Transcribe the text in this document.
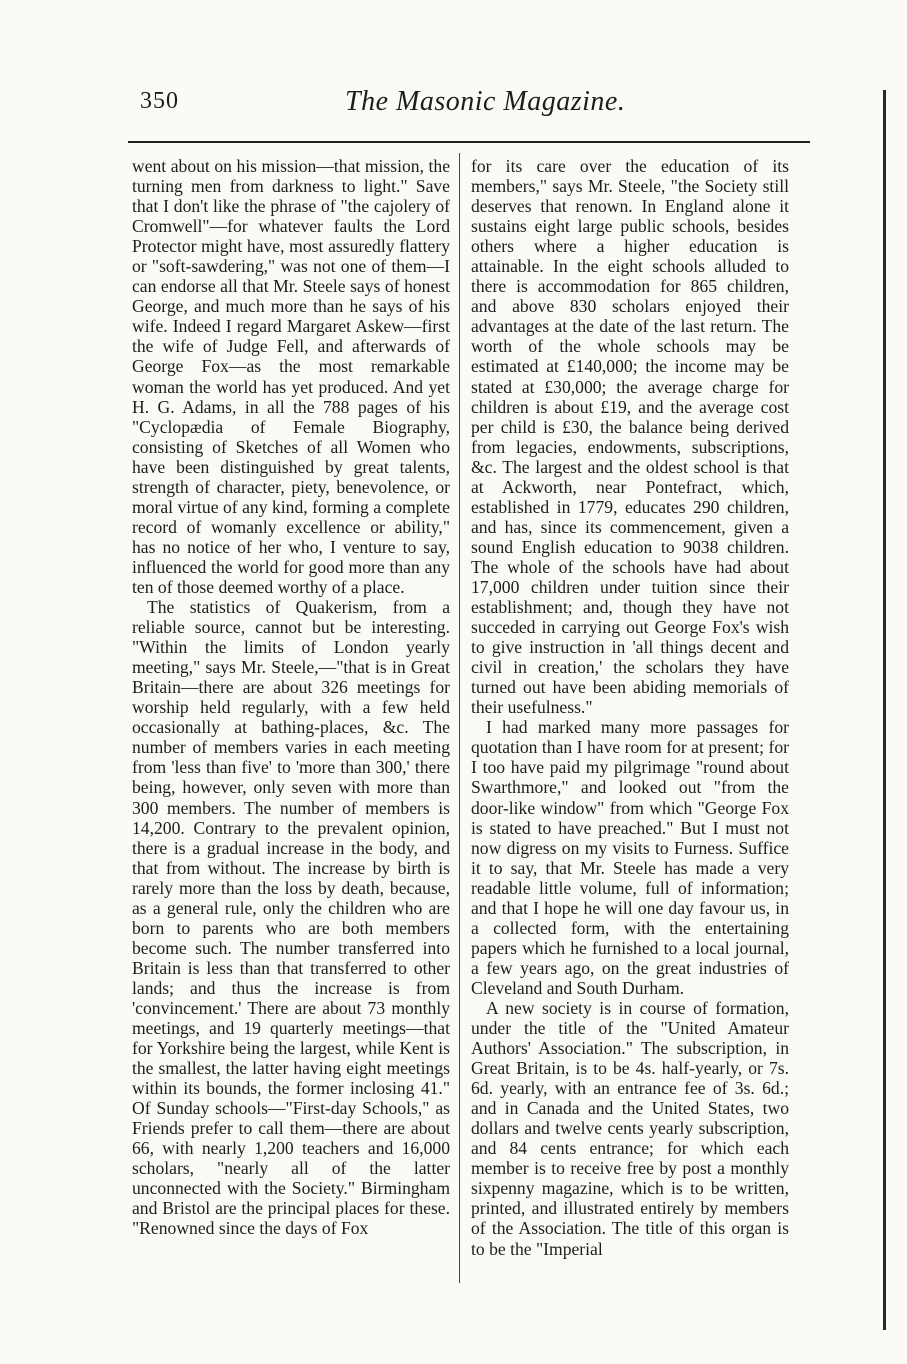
350	The Masonic Magazine.

went about on his mission—that mission, the turning men from darkness to light." Save that I don't like the phrase of "the cajolery of Cromwell"—for whatever faults the Lord Protector might have, most assuredly flattery or "soft-sawdering," was not one of them—I can endorse all that Mr. Steele says of honest George, and much more than he says of his wife. Indeed I regard Margaret Askew—first the wife of Judge Fell, and afterwards of George Fox—as the most remarkable woman the world has yet produced. And yet H. G. Adams, in all the 788 pages of his "Cyclopædia of Female Biography, consisting of Sketches of all Women who have been distinguished by great talents, strength of character, piety, benevolence, or moral virtue of any kind, forming a complete record of womanly excellence or ability," has no notice of her who, I venture to say, influenced the world for good more than any ten of those deemed worthy of a place.

The statistics of Quakerism, from a reliable source, cannot but be interesting. "Within the limits of London yearly meeting," says Mr. Steele,—"that is in Great Britain—there are about 326 meetings for worship held regularly, with a few held occasionally at bathing-places, &c. The number of members varies in each meeting from 'less than five' to 'more than 300,' there being, however, only seven with more than 300 members. The number of members is 14,200. Contrary to the prevalent opinion, there is a gradual increase in the body, and that from without. The increase by birth is rarely more than the loss by death, because, as a general rule, only the children who are born to parents who are both members become such. The number transferred into Britain is less than that transferred to other lands; and thus the increase is from 'convincement.' There are about 73 monthly meetings, and 19 quarterly meetings—that for Yorkshire being the largest, while Kent is the smallest, the latter having eight meetings within its bounds, the former inclosing 41." Of Sunday schools—"First-day Schools," as Friends prefer to call them—there are about 66, with nearly 1,200 teachers and 16,000 scholars, "nearly all of the latter unconnected with the Society." Birmingham and Bristol are the principal places for these. "Renowned since the days of Fox

for its care over the education of its members," says Mr. Steele, "the Society still deserves that renown. In England alone it sustains eight large public schools, besides others where a higher education is attainable. In the eight schools alluded to there is accommodation for 865 children, and above 830 scholars enjoyed their advantages at the date of the last return. The worth of the whole schools may be estimated at £140,000; the income may be stated at £30,000; the average charge for children is about £19, and the average cost per child is £30, the balance being derived from legacies, endowments, subscriptions, &c. The largest and the oldest school is that at Ackworth, near Pontefract, which, established in 1779, educates 290 children, and has, since its commencement, given a sound English education to 9038 children. The whole of the schools have had about 17,000 children under tuition since their establishment; and, though they have not succeded in carrying out George Fox's wish to give instruction in 'all things decent and civil in creation,' the scholars they have turned out have been abiding memorials of their usefulness."

I had marked many more passages for quotation than I have room for at present; for I too have paid my pilgrimage "round about Swarthmore," and looked out "from the door-like window" from which "George Fox is stated to have preached." But I must not now digress on my visits to Furness. Suffice it to say, that Mr. Steele has made a very readable little volume, full of information; and that I hope he will one day favour us, in a collected form, with the entertaining papers which he furnished to a local journal, a few years ago, on the great industries of Cleveland and South Durham.

A new society is in course of formation, under the title of the "United Amateur Authors' Association." The subscription, in Great Britain, is to be 4s. half-yearly, or 7s. 6d. yearly, with an entrance fee of 3s. 6d.; and in Canada and the United States, two dollars and twelve cents yearly subscription, and 84 cents entrance; for which each member is to receive free by post a monthly sixpenny magazine, which is to be written, printed, and illustrated entirely by members of the Association. The title of this organ is to be the "Imperial
